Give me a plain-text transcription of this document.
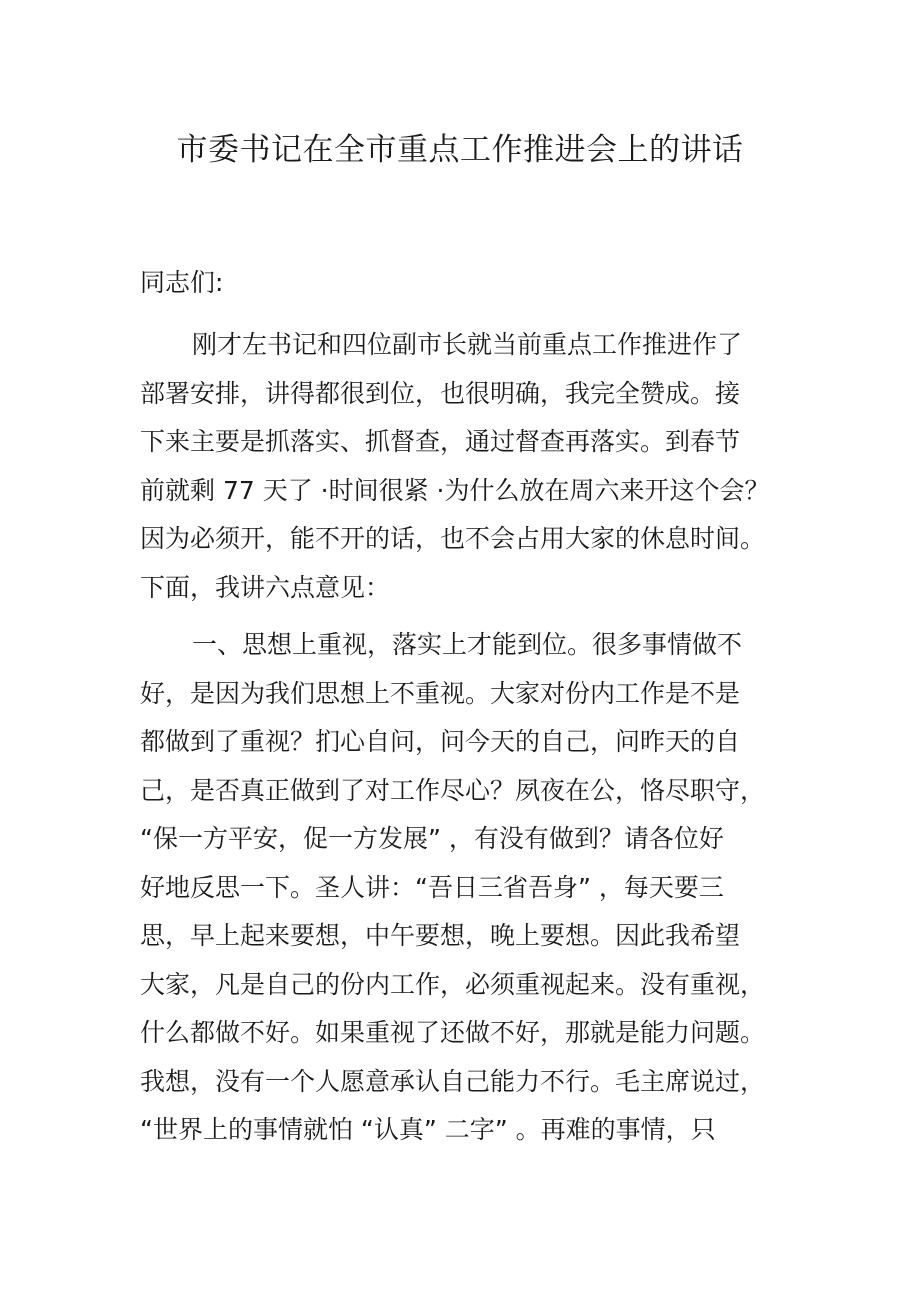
市委书记在全市重点工作推进会上的讲话

同志们:

刚才左书记和四位副市长就当前重点工作推进作了
部署安排，讲得都很到位，也很明确，我完全赞成。接
下来主要是抓落实、抓督查，通过督查再落实。到春节
前就剩 77 天了 ·时间很紧 ·为什么放在周六来开这个会？
因为必须开，能不开的话，也不会占用大家的休息时间。
下面，我讲六点意见：

一、思想上重视，落实上才能到位。很多事情做不
好，是因为我们思想上不重视。大家对份内工作是不是
都做到了重视？扪心自问，问今天的自己，问昨天的自
己，是否真正做到了对工作尽心？夙夜在公，恪尽职守，
“保一方平安，促一方发展” ，有没有做到？请各位好
好地反思一下。圣人讲：“吾日三省吾身” ，每天要三
思，早上起来要想，中午要想，晚上要想。因此我希望
大家，凡是自己的份内工作，必须重视起来。没有重视，
什么都做不好。如果重视了还做不好，那就是能力问题。
我想，没有一个人愿意承认自己能力不行。毛主席说过，
“世界上的事情就怕 “认真” 二字” 。再难的事情，只
